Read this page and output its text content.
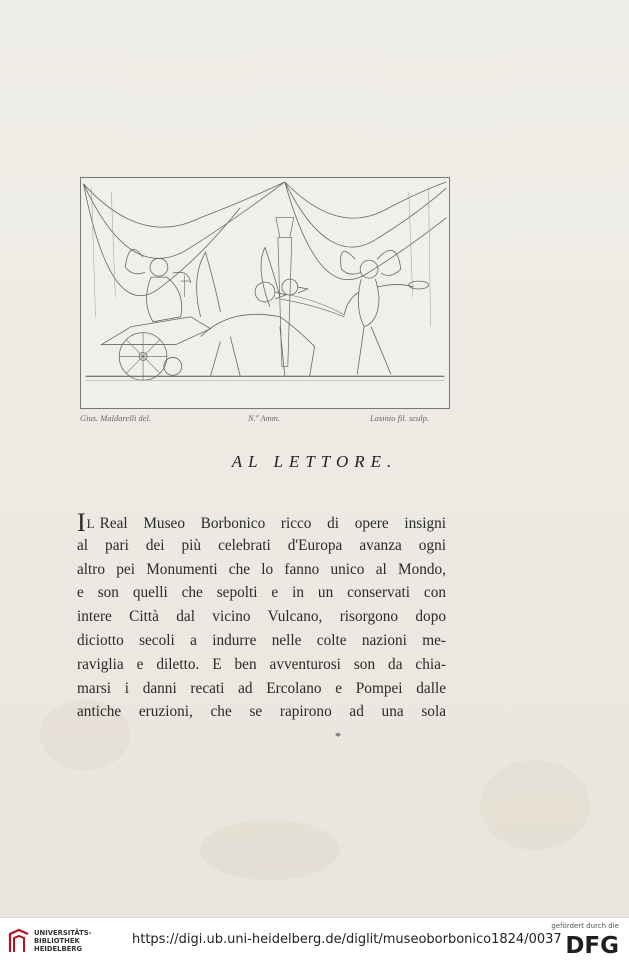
Gius. Maldarelli del.	N.º Amm.	Lasinio fil. sculp.
AL LETTORE.
IL Real Museo Borbonico ricco di opere insigni
al pari dei più celebrati d'Europa avanza ogni
altro pei Monumenti che lo fanno unico al Mondo,
e son quelli che sepolti e in un conservati con
intere Città dal vicino Vulcano, risorgono dopo
diciotto secoli a indurre nelle colte nazioni me-
raviglia e diletto. E ben avventurosi son da chia-
marsi i danni recati ad Ercolano e Pompei dalle
antiche eruzioni, che se rapirono ad una sola
*
UNIVERSITÄTS-
BIBLIOTHEK
HEIDELBERG
https://digi.ub.uni-heidelberg.de/diglit/museoborbonico1824/0037
gefördert durch die
DFG
